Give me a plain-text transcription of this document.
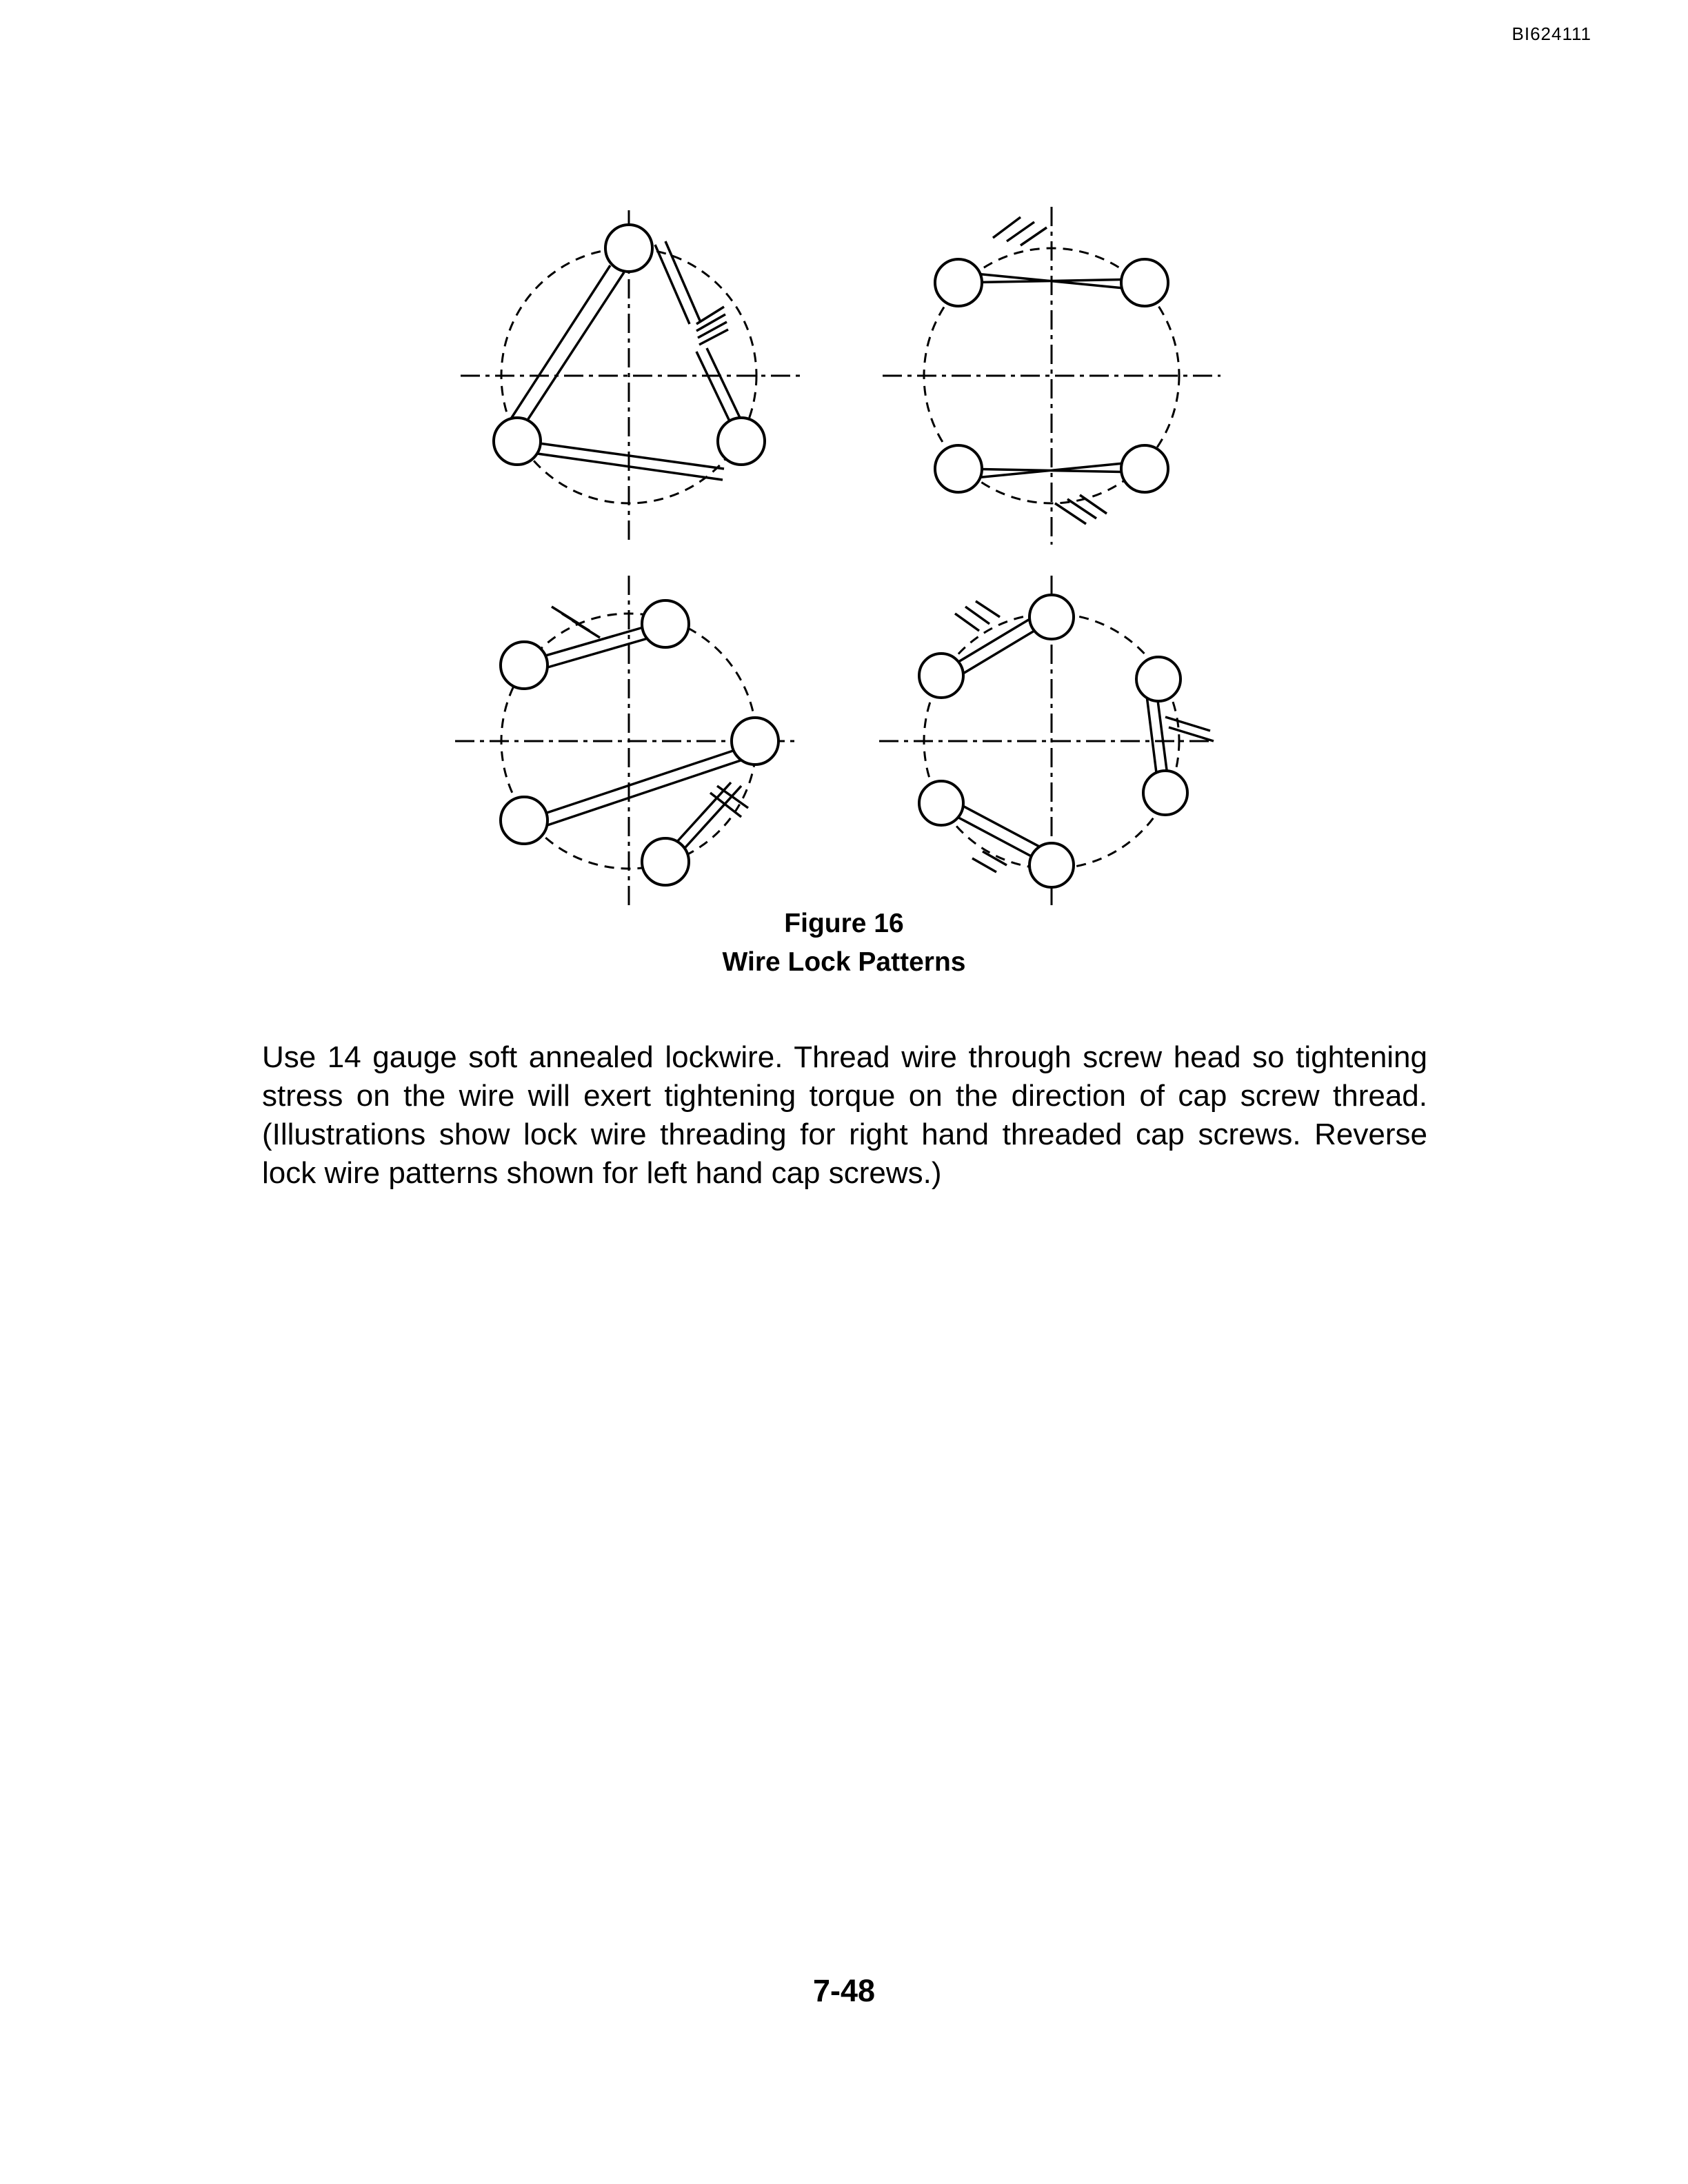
BI624111
Figure 16
Wire Lock Patterns
Use 14 gauge soft annealed lockwire. Thread wire through screw head so tightening stress on the wire will exert tightening torque on the direction of cap screw thread. (Illustrations show lock wire threading for right hand threaded cap screws. Reverse lock wire patterns shown for left hand cap screws.)
7-48
